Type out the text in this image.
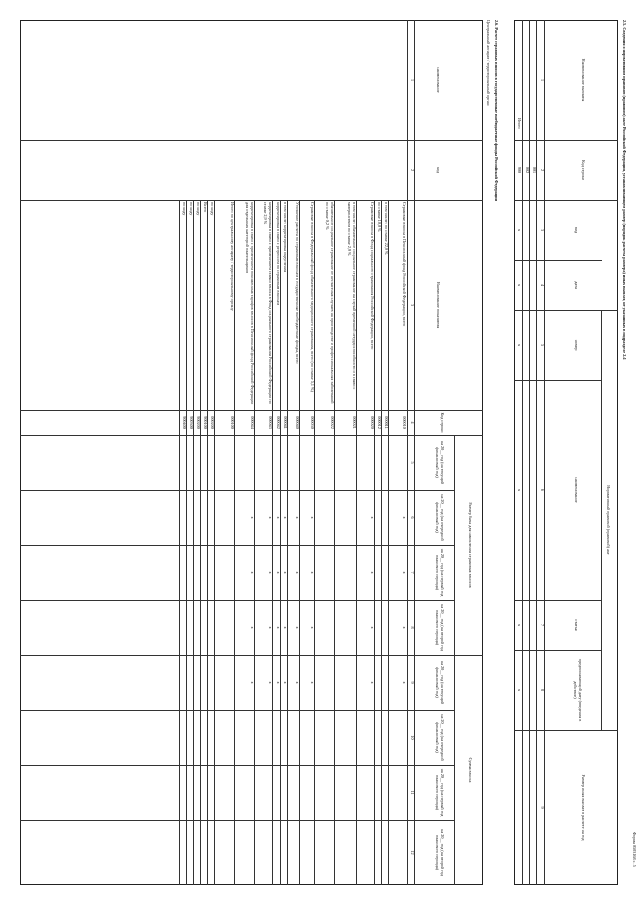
Форма 0503168 с. 5
2.5. Сведения о нормативном правовом (правовом) акте Российской Федерации, устанавливающем размер (порядок расчета размера) иных выплат, не указанных в подразделе 2.4
Наименование выплаты
Код строки
Нормативный правовой (правовой) акт
вид
дата
номер
наименование
статья
предписывающий дату (введения в действие)
Размер иных выплат в расчете на год
1
2
3
4
5
6
7
8
9
001
002
Итого
900
х
х
х
х
х
х
2.6. Расчет страховых взносов в государственные внебюджетные фонды Российской Федерации
Центральный аппарат / территориальный орган:
наименование
код
Наименование показателя
Код строки
Размер базы для начисления страховых взносов
Сумма взноса
на 20__ год (на текущий финансовый год)
на 20__ год (на очередной финансовый год)
на 20__ год (на первый год планового периода)
на 20__ год (на второй год планового периода)
на 20__ год (на текущий финансовый год)
на 20__ год (на очередной финансовый год)
на 20__ год (на первый год планового периода)
на 20__ год (на второй год планового периода)
1
2
3
4
5
6
7
8
9
10
11
12
Страховые взносы в Пенсионный фонд Российской Федерации, всего
000010
х
х
х
х
в том числе: по ставке 22,0 %
000011
по ставке 10,0 %
000012
Страховые взносы в Фонд социального страхования Российской Федерации, всего
000020
х
х
х
х
в том числе: обязательное социальное страхование на случай временной нетрудоспособности и в связи с материнством по ставке 2,9 %
000021
обязательное социальное страхование от несчастных случаев на производстве и профессиональных заболеваний по ставке 0,2 %
000022
Страховые взносы в Федеральный фонд обязательного медицинского страхования, всего (по ставке 5,1 %)
000030
х
х
х
х
Уточнение расчета по страховым взносам в государственные внебюджетные фонды, всего
000040
х
х
х
х
в том числе: корректировка округления
000041
х
х
х
х
корректировка в связи с регрессом по страховым взносам
000042
х
х
х
х
корректировка в связи с применением ставки взноса в Фонд социального страхования Российской Федерации по ставке 2,9 %
000043
х
х
х
х
корректировка в связи с применением пониженных тарифов взносов в Пенсионный фонд Российской Федерации для отдельных категорий плательщиков
000044
х
х
х
х
Итого по центральному аппарату / территориальному органу
000100
по коду
000200
Всего
900100
по коду
900200
по коду
900300
по коду
900400
